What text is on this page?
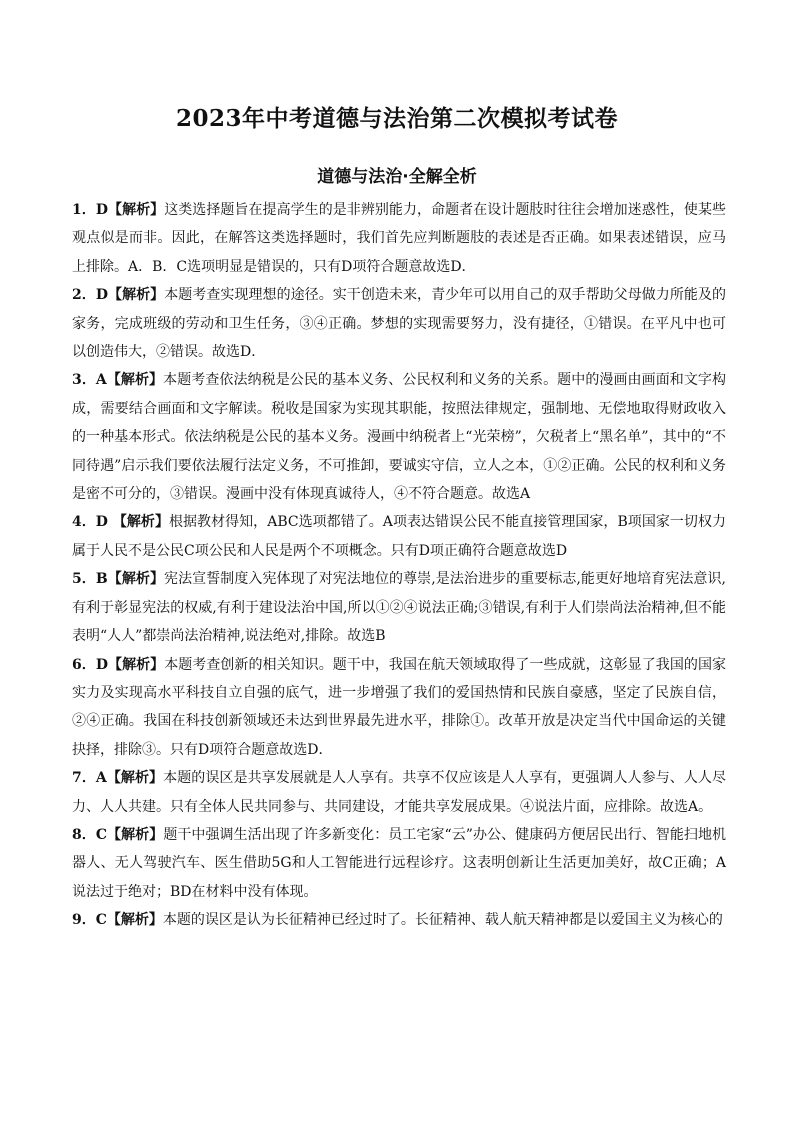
2023年中考道德与法治第二次模拟考试卷
道德与法治·全解全析

1．D【解析】这类选择题旨在提高学生的是非辨别能力，命题者在设计题肢时往往会增加迷惑性，使某些观点似是而非。因此，在解答这类选择题时，我们首先应判断题肢的表述是否正确。如果表述错误，应马上排除。A．B．C选项明显是错误的，只有D项符合题意故选D．

2．D【解析】本题考查实现理想的途径。实干创造未来，青少年可以用自己的双手帮助父母做力所能及的家务，完成班级的劳动和卫生任务，③④正确。梦想的实现需要努力，没有捷径，①错误。在平凡中也可以创造伟大，②错误。故选D．

3．A【解析】本题考查依法纳税是公民的基本义务、公民权利和义务的关系。题中的漫画由画面和文字构成，需要结合画面和文字解读。税收是国家为实现其职能，按照法律规定，强制地、无偿地取得财政收入的一种基本形式。依法纳税是公民的基本义务。漫画中纳税者上“光荣榜”，欠税者上“黑名单”，其中的“不同待遇”启示我们要依法履行法定义务，不可推卸，要诚实守信，立人之本，①②正确。公民的权利和义务是密不可分的，③错误。漫画中没有体现真诚待人，④不符合题意。故选A

4．D 【解析】根据教材得知，ABC选项都错了。A项表达错误公民不能直接管理国家，B项国家一切权力属于人民不是公民C项公民和人民是两个不项概念。只有D项正确符合题意故选D

5．B【解析】宪法宣誓制度入宪体现了对宪法地位的尊崇,是法治进步的重要标志,能更好地培育宪法意识,有利于彰显宪法的权威,有利于建设法治中国,所以①②④说法正确;③错误,有利于人们崇尚法治精神,但不能表明“人人”都崇尚法治精神,说法绝对,排除。故选B

6．D【解析】本题考查创新的相关知识。题干中，我国在航天领域取得了一些成就，这彰显了我国的国家实力及实现高水平科技自立自强的底气，进一步增强了我们的爱国热情和民族自豪感，坚定了民族自信，②④正确。我国在科技创新领域还未达到世界最先进水平，排除①。改革开放是决定当代中国命运的关键抉择，排除③。只有D项符合题意故选D．

7．A【解析】本题的误区是共享发展就是人人享有。共享不仅应该是人人享有，更强调人人参与、人人尽力、人人共建。只有全体人民共同参与、共同建设，才能共享发展成果。④说法片面，应排除。故选A。

8．C【解析】题干中强调生活出现了许多新变化：员工宅家“云”办公、健康码方便居民出行、智能扫地机器人、无人驾驶汽车、医生借助5G和人工智能进行远程诊疗。这表明创新让生活更加美好，故C正确；A说法过于绝对；BD在材料中没有体现。

9．C【解析】本题的误区是认为长征精神已经过时了。长征精神、载人航天精神都是以爱国主义为核心的
